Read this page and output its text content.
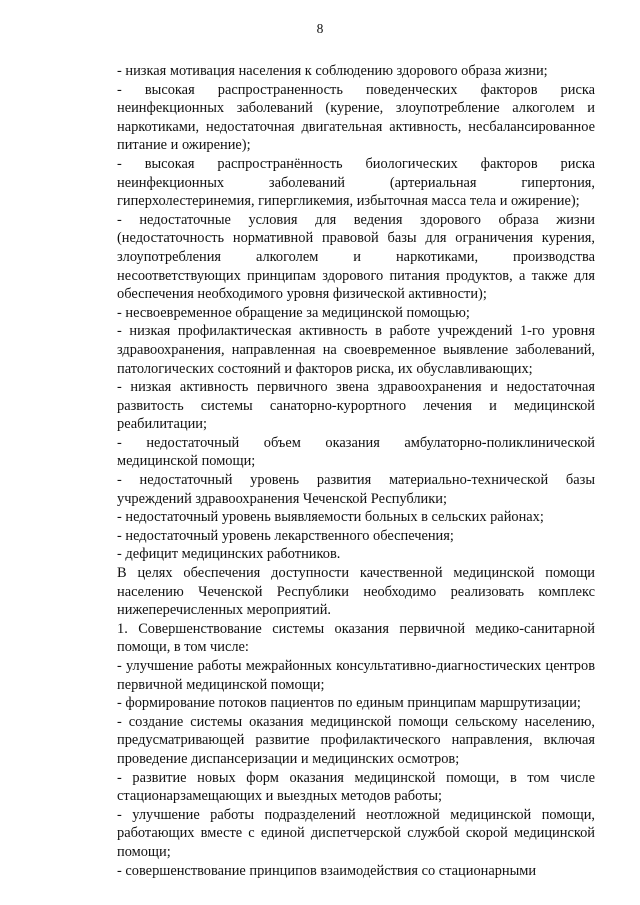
8

- низкая мотивация населения к соблюдению здорового образа жизни;

- высокая распространенность поведенческих факторов риска неинфекционных заболеваний (курение, злоупотребление алкоголем и наркотиками, недостаточная двигательная активность, несбалансированное питание и ожирение);

- высокая распространённость биологических факторов риска неинфекционных заболеваний (артериальная гипертония, гиперхолестеринемия, гипергликемия, избыточная масса тела и ожирение);

- недостаточные условия для ведения здорового образа жизни (недостаточность нормативной правовой базы для ограничения курения, злоупотребления алкоголем и наркотиками, производства несоответствующих принципам здорового питания продуктов, а также для обеспечения необходимого уровня физической активности);

- несвоевременное обращение за медицинской помощью;

- низкая профилактическая активность в работе учреждений 1-го уровня здравоохранения, направленная на своевременное выявление заболеваний, патологических состояний и факторов риска, их обуславливающих;

- низкая активность первичного звена здравоохранения и недостаточная развитость системы санаторно-курортного лечения и медицинской реабилитации;

- недостаточный объем оказания амбулаторно-поликлинической медицинской помощи;

- недостаточный уровень развития материально-технической базы учреждений здравоохранения Чеченской Республики;

- недостаточный уровень выявляемости больных в сельских районах;

- недостаточный уровень лекарственного обеспечения;

- дефицит медицинских работников.

В целях обеспечения доступности качественной медицинской помощи населению Чеченской Республики необходимо реализовать комплекс нижеперечисленных мероприятий.

1. Совершенствование системы оказания первичной медико-санитарной помощи, в том числе:

- улучшение работы межрайонных консультативно-диагностических центров первичной медицинской помощи;

- формирование потоков пациентов по единым принципам маршрутизации;

- создание системы оказания медицинской помощи сельскому населению, предусматривающей развитие профилактического направления, включая проведение диспансеризации и медицинских осмотров;

- развитие новых форм оказания медицинской помощи, в том числе стационарзамещающих и выездных методов работы;

- улучшение работы подразделений неотложной медицинской помощи, работающих вместе с единой диспетчерской службой скорой медицинской помощи;

- совершенствование принципов взаимодействия со стационарными
